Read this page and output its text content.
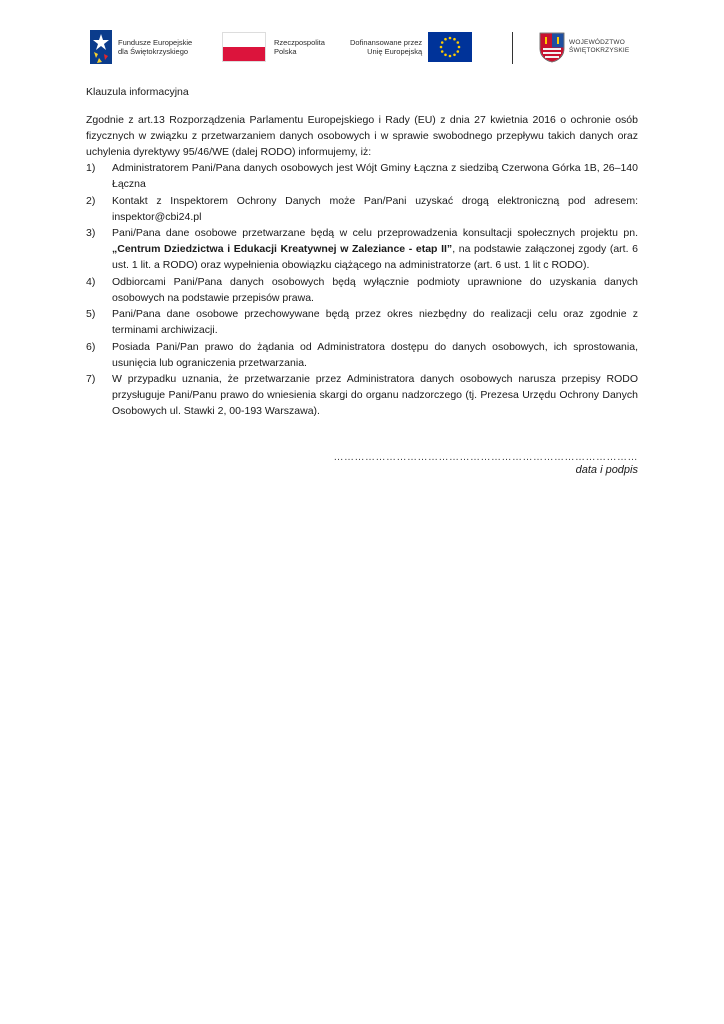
Fundusze Europejskie
dla Świętokrzyskiego
Rzeczpospolita
Polska
Dofinansowane przez
Unię Europejską
WOJEWÓDZTWO
ŚWIĘTOKRZYSKIE
Klauzula informacyjna
Zgodnie z art.13 Rozporządzenia Parlamentu Europejskiego i Rady (EU) z dnia 27 kwietnia 2016 o ochronie osób fizycznych w związku z przetwarzaniem danych osobowych i w sprawie swobodnego przepływu takich danych oraz uchylenia dyrektywy 95/46/WE (dalej RODO) informujemy, iż:
1) Administratorem Pani/Pana danych osobowych jest Wójt Gminy Łączna z siedzibą Czerwona Górka 1B, 26–140 Łączna
2) Kontakt z Inspektorem Ochrony Danych może Pan/Pani uzyskać drogą elektroniczną pod adresem: inspektor@cbi24.pl
3) Pani/Pana dane osobowe przetwarzane będą w celu przeprowadzenia konsultacji społecznych projektu pn. „Centrum Dziedzictwa i Edukacji Kreatywnej w Zaleziance - etap II”, na podstawie załączonej zgody (art. 6 ust. 1 lit. a RODO) oraz wypełnienia obowiązku ciążącego na administratorze (art. 6 ust. 1 lit c RODO).
4) Odbiorcami Pani/Pana danych osobowych będą wyłącznie podmioty uprawnione do uzyskania danych osobowych na podstawie przepisów prawa.
5) Pani/Pana dane osobowe przechowywane będą przez okres niezbędny do realizacji celu oraz zgodnie z terminami archiwizacji.
6) Posiada Pani/Pan prawo do żądania od Administratora dostępu do danych osobowych, ich sprostowania, usunięcia lub ograniczenia przetwarzania.
7) W przypadku uznania, że przetwarzanie przez Administratora danych osobowych narusza przepisy RODO przysługuje Pani/Panu prawo do wniesienia skargi do organu nadzorczego (tj. Prezesa Urzędu Ochrony Danych Osobowych ul. Stawki 2, 00-193 Warszawa).
……………………………………………………………………………
data i podpis
